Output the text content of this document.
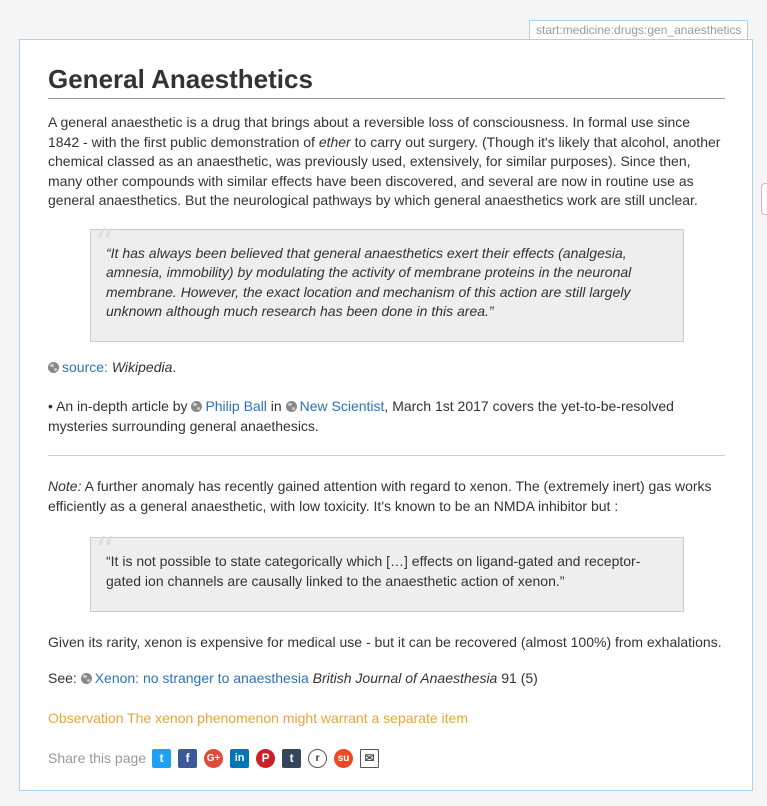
start:medicine:drugs:gen_anaesthetics
General Anaesthetics

A general anaesthetic is a drug that brings about a reversible loss of consciousness. In formal use since 1842 - with the first public demonstration of ether to carry out surgery. (Though it's likely that alcohol, another chemical classed as an anaesthetic, was previously used, extensively, for similar purposes). Since then, many other compounds with similar effects have been discovered, and several are now in routine use as general anaesthetics. But the neurological pathways by which general anaesthetics work are still unclear.

“
“It has always been believed that general anaesthetics exert their effects (analgesia, amnesia, immobility) by modulating the activity of membrane proteins in the neuronal membrane. However, the exact location and mechanism of this action are still largely unknown although much research has been done in this area.”

source: Wikipedia.

• An in-depth article by Philip Ball in New Scientist, March 1st 2017 covers the yet-to-be-resolved mysteries surrounding general anaethesics.

Note: A further anomaly has recently gained attention with regard to xenon. The (extremely inert) gas works efficiently as a general anaesthetic, with low toxicity. It's known to be an NMDA inhibitor but :

“
“It is not possible to state categorically which […] effects on ligand-gated and receptor-gated ion channels are causally linked to the anaesthetic action of xenon.”

Given its rarity, xenon is expensive for medical use - but it can be recovered (almost 100%) from exhalations.

See: Xenon: no stranger to anaesthesia British Journal of Anaesthesia 91 (5)

Observation The xenon phenomenon might warrant a separate item

Share this page	t	f	G+	in	P	t	r	su	✉
